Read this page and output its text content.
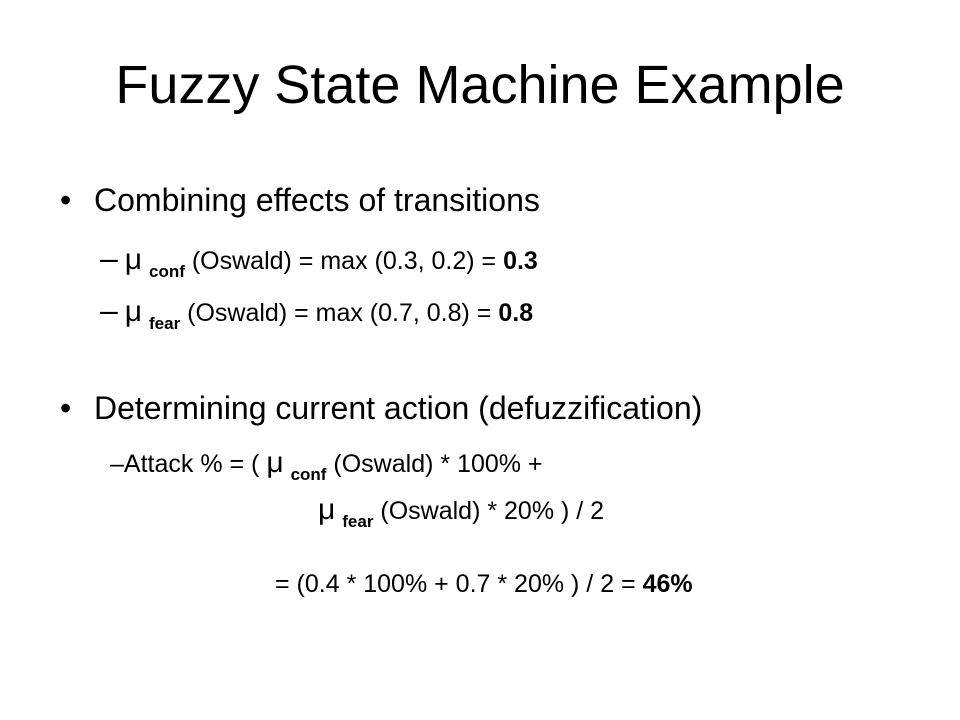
Fuzzy State Machine Example
• Combining effects of transitions
– μ $_{conf}$ (Oswald) = max (0.3, 0.2) = 0.3
– μ $_{fear}$ (Oswald) = max (0.7, 0.8) = 0.8
• Determining current action (defuzzification)
–Attack % = ( μ $_{conf}$ (Oswald) * 100% +
μ $_{fear}$ (Oswald) * 20% ) / 2
= (0.4 * 100% + 0.7 * 20% ) / 2 = 46%
